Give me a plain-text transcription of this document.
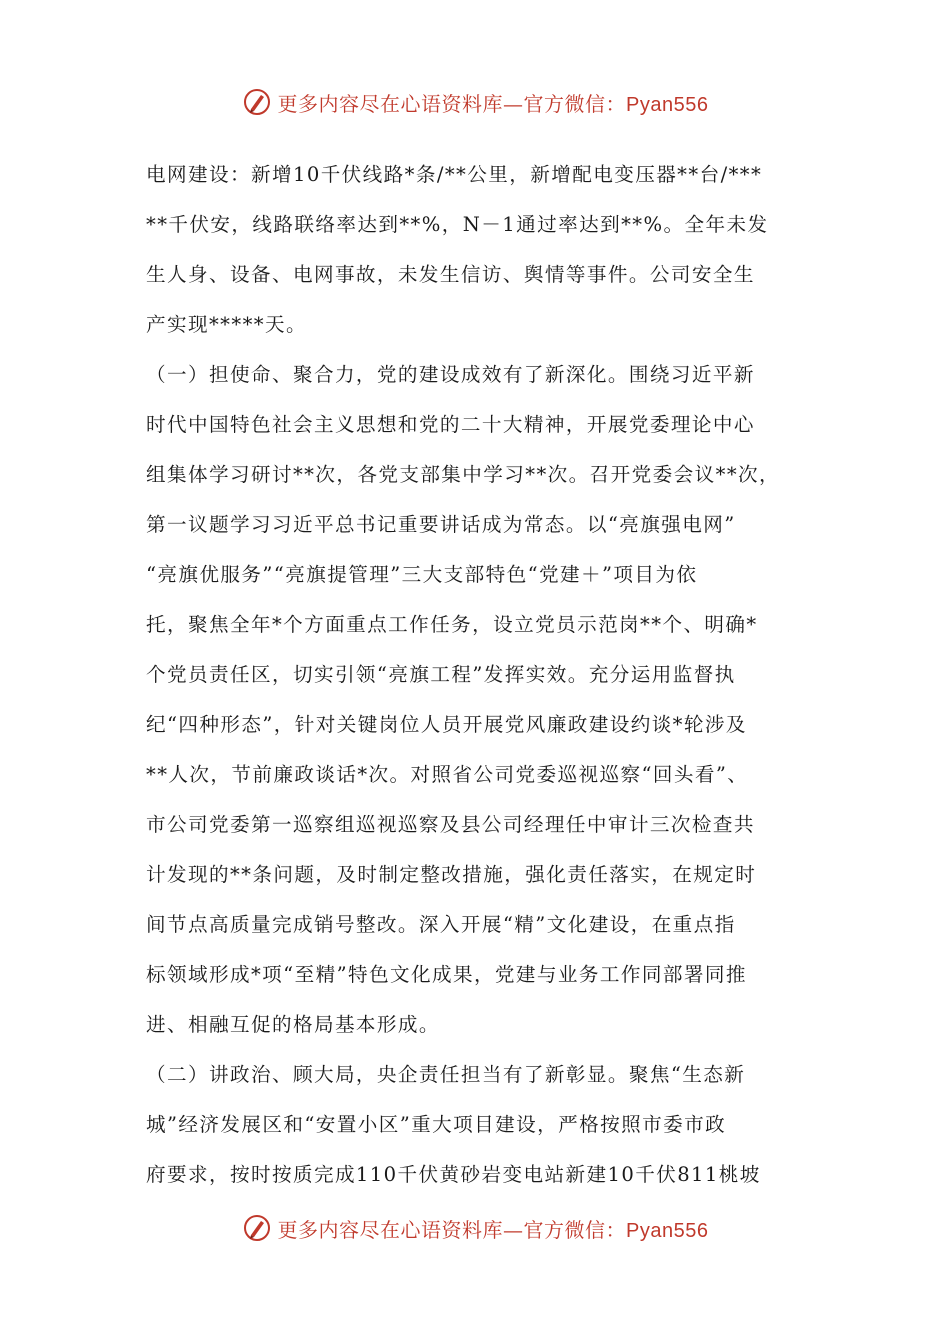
更多内容尽在心语资料库—官方微信：Pyan556
电网建设：新增10千伏线路*条/**公里，新增配电变压器**台/***
**千伏安，线路联络率达到**%，N－1通过率达到**%。全年未发
生人身、设备、电网事故，未发生信访、舆情等事件。公司安全生
产实现*****天。
（一）担使命、聚合力，党的建设成效有了新深化。围绕习近平新
时代中国特色社会主义思想和党的二十大精神，开展党委理论中心
组集体学习研讨**次，各党支部集中学习**次。召开党委会议**次，
第一议题学习习近平总书记重要讲话成为常态。以“亮旗强电网”
“亮旗优服务”“亮旗提管理”三大支部特色“党建＋”项目为依
托，聚焦全年*个方面重点工作任务，设立党员示范岗**个、明确*
个党员责任区，切实引领“亮旗工程”发挥实效。充分运用监督执
纪“四种形态”，针对关键岗位人员开展党风廉政建设约谈*轮涉及
**人次，节前廉政谈话*次。对照省公司党委巡视巡察“回头看”、
市公司党委第一巡察组巡视巡察及县公司经理任中审计三次检查共
计发现的**条问题，及时制定整改措施，强化责任落实，在规定时
间节点高质量完成销号整改。深入开展“精”文化建设，在重点指
标领域形成*项“至精”特色文化成果，党建与业务工作同部署同推
进、相融互促的格局基本形成。
（二）讲政治、顾大局，央企责任担当有了新彰显。聚焦“生态新
城”经济发展区和“安置小区”重大项目建设，严格按照市委市政
府要求，按时按质完成110千伏黄砂岩变电站新建10千伏811桃坡
更多内容尽在心语资料库—官方微信：Pyan556
